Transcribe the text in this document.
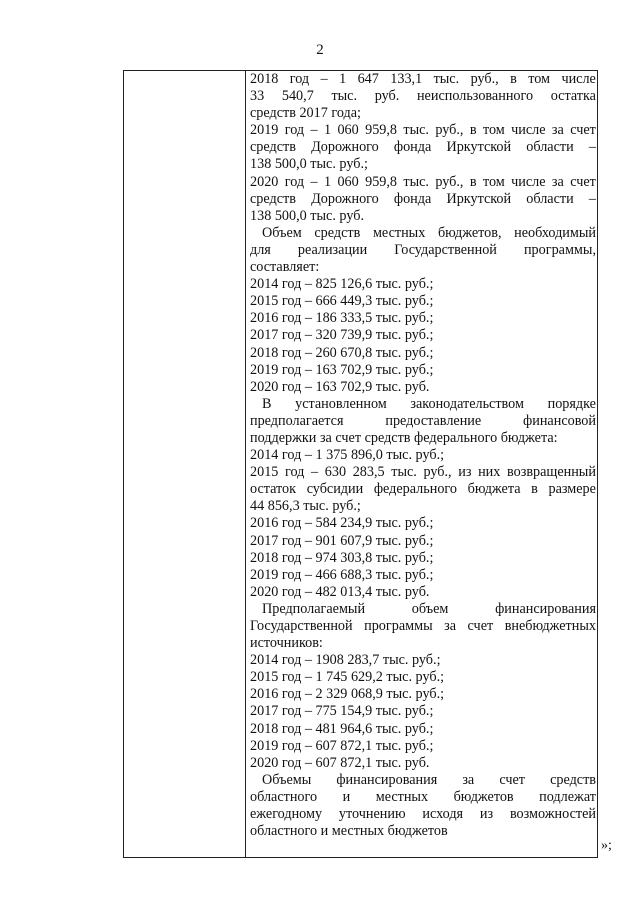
2
2018 год – 1 647 133,1 тыс. руб., в том числе
33 540,7 тыс. руб. неиспользованного остатка
средств 2017 года;
2019 год – 1 060 959,8 тыс. руб., в том числе за счет
средств Дорожного фонда Иркутской области –
138 500,0 тыс. руб.;
2020 год – 1 060 959,8 тыс. руб., в том числе за счет
средств Дорожного фонда Иркутской области –
138 500,0 тыс. руб.
Объем средств местных бюджетов, необходимый
для реализации Государственной программы,
составляет:
2014 год – 825 126,6 тыс. руб.;
2015 год – 666 449,3 тыс. руб.;
2016 год – 186 333,5 тыс. руб.;
2017 год – 320 739,9 тыс. руб.;
2018 год – 260 670,8 тыс. руб.;
2019 год – 163 702,9 тыс. руб.;
2020 год – 163 702,9 тыс. руб.
В установленном законодательством порядке
предполагается	предоставление	финансовой
поддержки за счет средств федерального бюджета:
2014 год – 1 375 896,0 тыс. руб.;
2015 год – 630 283,5 тыс. руб., из них возвращенный
остаток субсидии федерального бюджета в размере
44 856,3 тыс. руб.;
2016 год – 584 234,9 тыс. руб.;
2017 год – 901 607,9 тыс. руб.;
2018 год – 974 303,8 тыс. руб.;
2019 год – 466 688,3 тыс. руб.;
2020 год – 482 013,4 тыс. руб.
Предполагаемый	объем	финансирования
Государственной программы за счет внебюджетных
источников:
2014 год – 1908 283,7 тыс. руб.;
2015 год – 1 745 629,2 тыс. руб.;
2016 год – 2 329 068,9 тыс. руб.;
2017 год – 775 154,9 тыс. руб.;
2018 год – 481 964,6 тыс. руб.;
2019 год – 607 872,1 тыс. руб.;
2020 год – 607 872,1 тыс. руб.
Объемы финансирования за счет средств
областного и местных бюджетов подлежат
ежегодному уточнению исходя из возможностей
областного и местных бюджетов
»;
